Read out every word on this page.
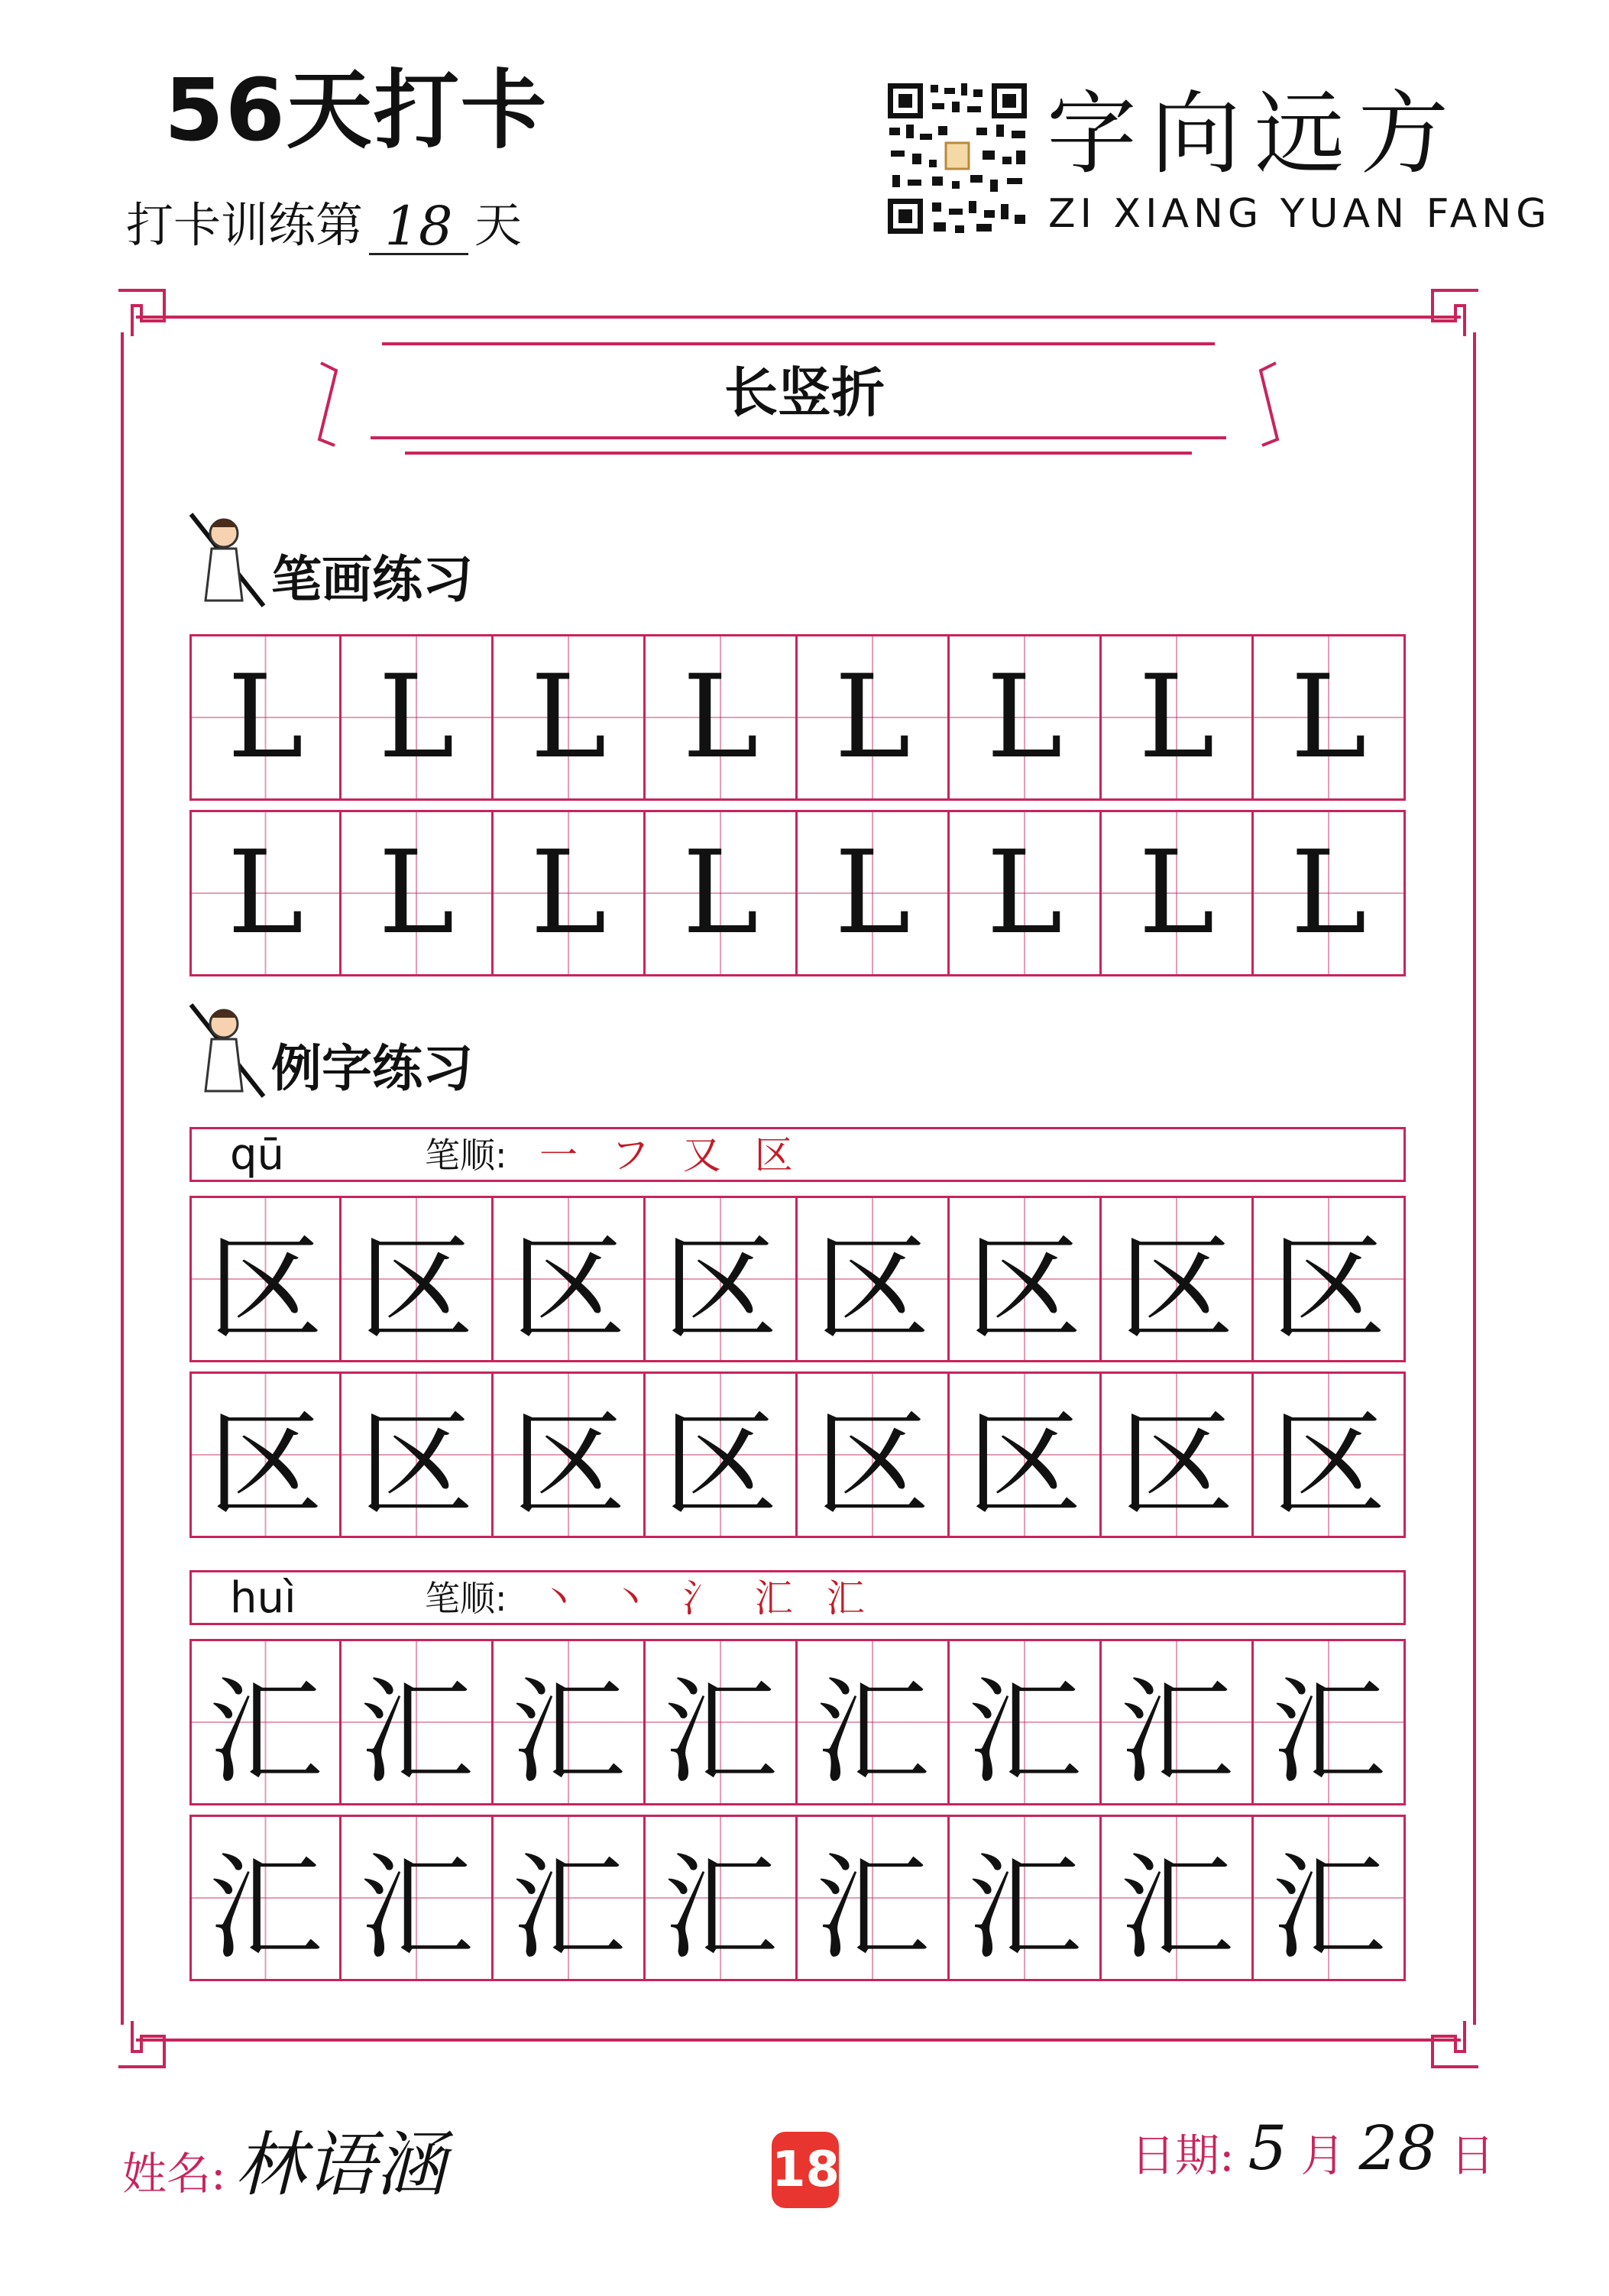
56天打卡
打卡训练第 18 天
字向远方
ZI XIANG YUAN FANG
长竖折
笔画练习
L L L L L L L L
L L L L L L L L
例字练习
qū	笔顺: 一 フ 又 区
区 区 区 区 区 区 区 区
区 区 区 区 区 区 区 区
huì	笔顺: 丶 丶 氵 汇 汇
汇 汇 汇 汇 汇 汇 汇 汇
汇 汇 汇 汇 汇 汇 汇 汇
姓名: 林语涵	18	日期: 5 月 28 日
